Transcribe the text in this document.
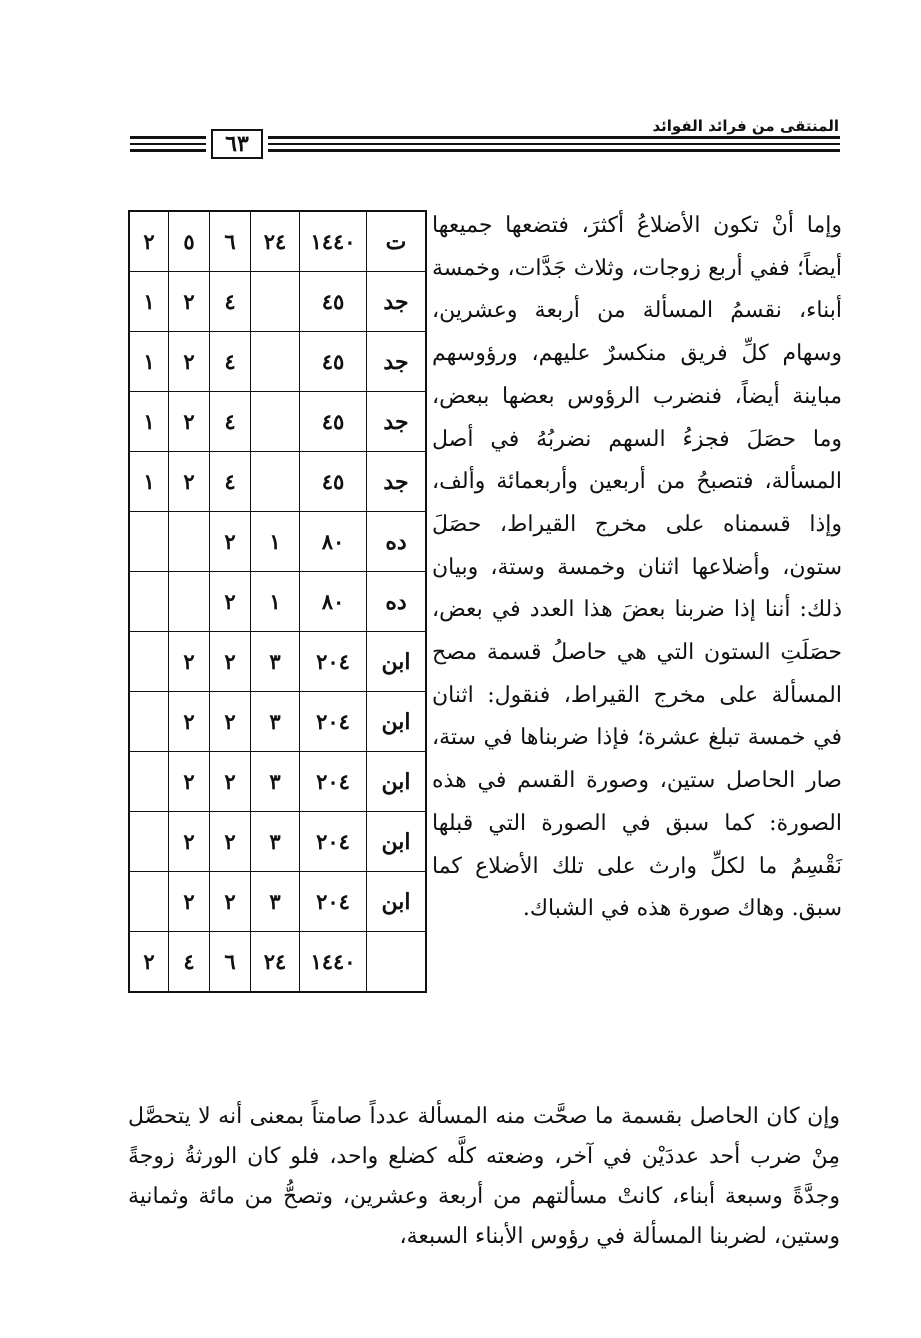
المنتقى من فرائد الفوائد
٦٣

وإما أنْ تكون الأضلاعُ أكثرَ، فتضعها جميعها أيضاً؛ ففي أربع زوجات، وثلاث جَدَّات، وخمسة أبناء، نقسمُ المسألة من أربعة وعشرين، وسهام كلِّ فريق منكسرٌ عليهم، ورؤوسهم مباينة أيضاً، فنضرب الرؤوس بعضها ببعض، وما حصَلَ فجزءُ السهم نضربُهُ في أصل المسألة، فتصبحُ من أربعين وأربعمائة وألف، وإذا قسمناه على مخرج القيراط، حصَلَ ستون، وأضلاعها اثنان وخمسة وستة، وبيان ذلك: أننا إذا ضربنا بعضَ هذا العدد في بعض، حصَلَتِ الستون التي هي حاصلُ قسمة مصح المسألة على مخرج القيراط، فنقول: اثنان في خمسة تبلغ عشرة؛ فإذا ضربناها في ستة، صار الحاصل ستين، وصورة القسم في هذه الصورة: كما سبق في الصورة التي قبلها نَقْسِمُ ما لكلِّ وارث على تلك الأضلاع كما سبق. وهاك صورة هذه في الشباك.

ت	١٤٤٠	٢٤	٦	٥	٢
جد	٤٥		٤	٢	١
جد	٤٥		٤	٢	١
جد	٤٥		٤	٢	١
جد	٤٥		٤	٢	١
ده	٨٠	١	٢		
ده	٨٠	١	٢		
ابن	٢٠٤	٣	٢	٢	
ابن	٢٠٤	٣	٢	٢	
ابن	٢٠٤	٣	٢	٢	
ابن	٢٠٤	٣	٢	٢	
ابن	٢٠٤	٣	٢	٢	
	١٤٤٠	٢٤	٦	٤	٢

وإن كان الحاصل بقسمة ما صحَّت منه المسألة عدداً صامتاً بمعنى أنه لا يتحصَّل مِنْ ضرب أحد عددَيْن في آخر، وضعته كلَّه كضلع واحد، فلو كان الورثةُ زوجةً وجدَّةً وسبعة أبناء، كانتْ مسألتهم من أربعة وعشرين، وتصحُّ من مائة وثمانية وستين، لضربنا المسألة في رؤوس الأبناء السبعة،
